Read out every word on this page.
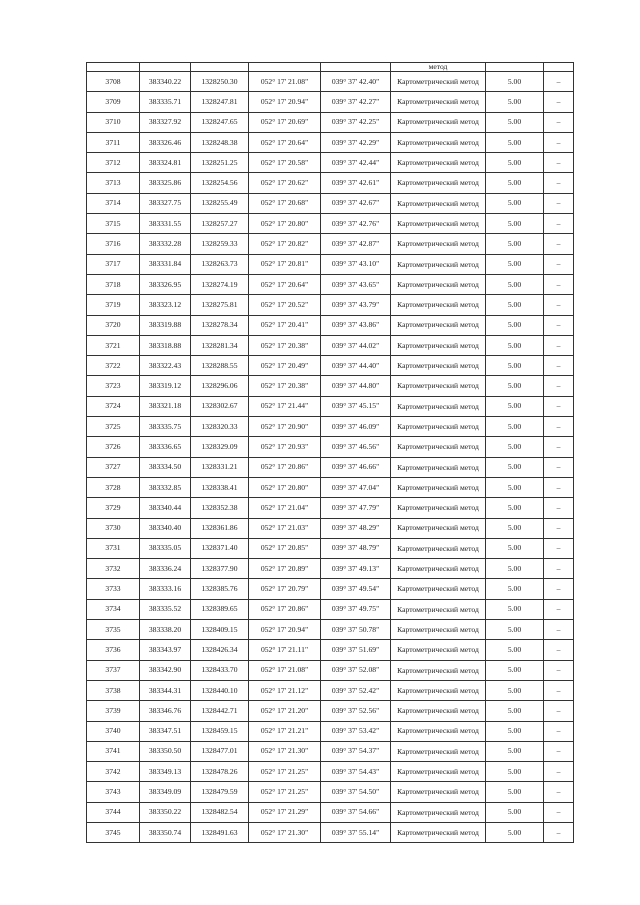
					метод		
3708	383340.22	1328250.30	052° 17' 21.08"	039° 37' 42.40"	Картометрический метод	5.00	–
3709	383335.71	1328247.81	052° 17' 20.94"	039° 37' 42.27"	Картометрический метод	5.00	–
3710	383327.92	1328247.65	052° 17' 20.69"	039° 37' 42.25"	Картометрический метод	5.00	–
3711	383326.46	1328248.38	052° 17' 20.64"	039° 37' 42.29"	Картометрический метод	5.00	–
3712	383324.81	1328251.25	052° 17' 20.58"	039° 37' 42.44"	Картометрический метод	5.00	–
3713	383325.86	1328254.56	052° 17' 20.62"	039° 37' 42.61"	Картометрический метод	5.00	–
3714	383327.75	1328255.49	052° 17' 20.68"	039° 37' 42.67"	Картометрический метод	5.00	–
3715	383331.55	1328257.27	052° 17' 20.80"	039° 37' 42.76"	Картометрический метод	5.00	–
3716	383332.28	1328259.33	052° 17' 20.82"	039° 37' 42.87"	Картометрический метод	5.00	–
3717	383331.84	1328263.73	052° 17' 20.81"	039° 37' 43.10"	Картометрический метод	5.00	–
3718	383326.95	1328274.19	052° 17' 20.64"	039° 37' 43.65"	Картометрический метод	5.00	–
3719	383323.12	1328275.81	052° 17' 20.52"	039° 37' 43.79"	Картометрический метод	5.00	–
3720	383319.88	1328278.34	052° 17' 20.41"	039° 37' 43.86"	Картометрический метод	5.00	–
3721	383318.88	1328281.34	052° 17' 20.38"	039° 37' 44.02"	Картометрический метод	5.00	–
3722	383322.43	1328288.55	052° 17' 20.49"	039° 37' 44.40"	Картометрический метод	5.00	–
3723	383319.12	1328296.06	052° 17' 20.38"	039° 37' 44.80"	Картометрический метод	5.00	–
3724	383321.18	1328302.67	052° 17' 21.44"	039° 37' 45.15"	Картометрический метод	5.00	–
3725	383335.75	1328320.33	052° 17' 20.90"	039° 37' 46.09"	Картометрический метод	5.00	–
3726	383336.65	1328329.09	052° 17' 20.93"	039° 37' 46.56"	Картометрический метод	5.00	–
3727	383334.50	1328331.21	052° 17' 20.86"	039° 37' 46.66"	Картометрический метод	5.00	–
3728	383332.85	1328338.41	052° 17' 20.80"	039° 37' 47.04"	Картометрический метод	5.00	–
3729	383340.44	1328352.38	052° 17' 21.04"	039° 37' 47.79"	Картометрический метод	5.00	–
3730	383340.40	1328361.86	052° 17' 21.03"	039° 37' 48.29"	Картометрический метод	5.00	–
3731	383335.05	1328371.40	052° 17' 20.85"	039° 37' 48.79"	Картометрический метод	5.00	–
3732	383336.24	1328377.90	052° 17' 20.89"	039° 37' 49.13"	Картометрический метод	5.00	–
3733	383333.16	1328385.76	052° 17' 20.79"	039° 37' 49.54"	Картометрический метод	5.00	–
3734	383335.52	1328389.65	052° 17' 20.86"	039° 37' 49.75"	Картометрический метод	5.00	–
3735	383338.20	1328409.15	052° 17' 20.94"	039° 37' 50.78"	Картометрический метод	5.00	–
3736	383343.97	1328426.34	052° 17' 21.11"	039° 37' 51.69"	Картометрический метод	5.00	–
3737	383342.90	1328433.70	052° 17' 21.08"	039° 37' 52.08"	Картометрический метод	5.00	–
3738	383344.31	1328440.10	052° 17' 21.12"	039° 37' 52.42"	Картометрический метод	5.00	–
3739	383346.76	1328442.71	052° 17' 21.20"	039° 37' 52.56"	Картометрический метод	5.00	–
3740	383347.51	1328459.15	052° 17' 21.21"	039° 37' 53.42"	Картометрический метод	5.00	–
3741	383350.50	1328477.01	052° 17' 21.30"	039° 37' 54.37"	Картометрический метод	5.00	–
3742	383349.13	1328478.26	052° 17' 21.25"	039° 37' 54.43"	Картометрический метод	5.00	–
3743	383349.09	1328479.59	052° 17' 21.25"	039° 37' 54.50"	Картометрический метод	5.00	–
3744	383350.22	1328482.54	052° 17' 21.29"	039° 37' 54.66"	Картометрический метод	5.00	–
3745	383350.74	1328491.63	052° 17' 21.30"	039° 37' 55.14"	Картометрический метод	5.00	–
